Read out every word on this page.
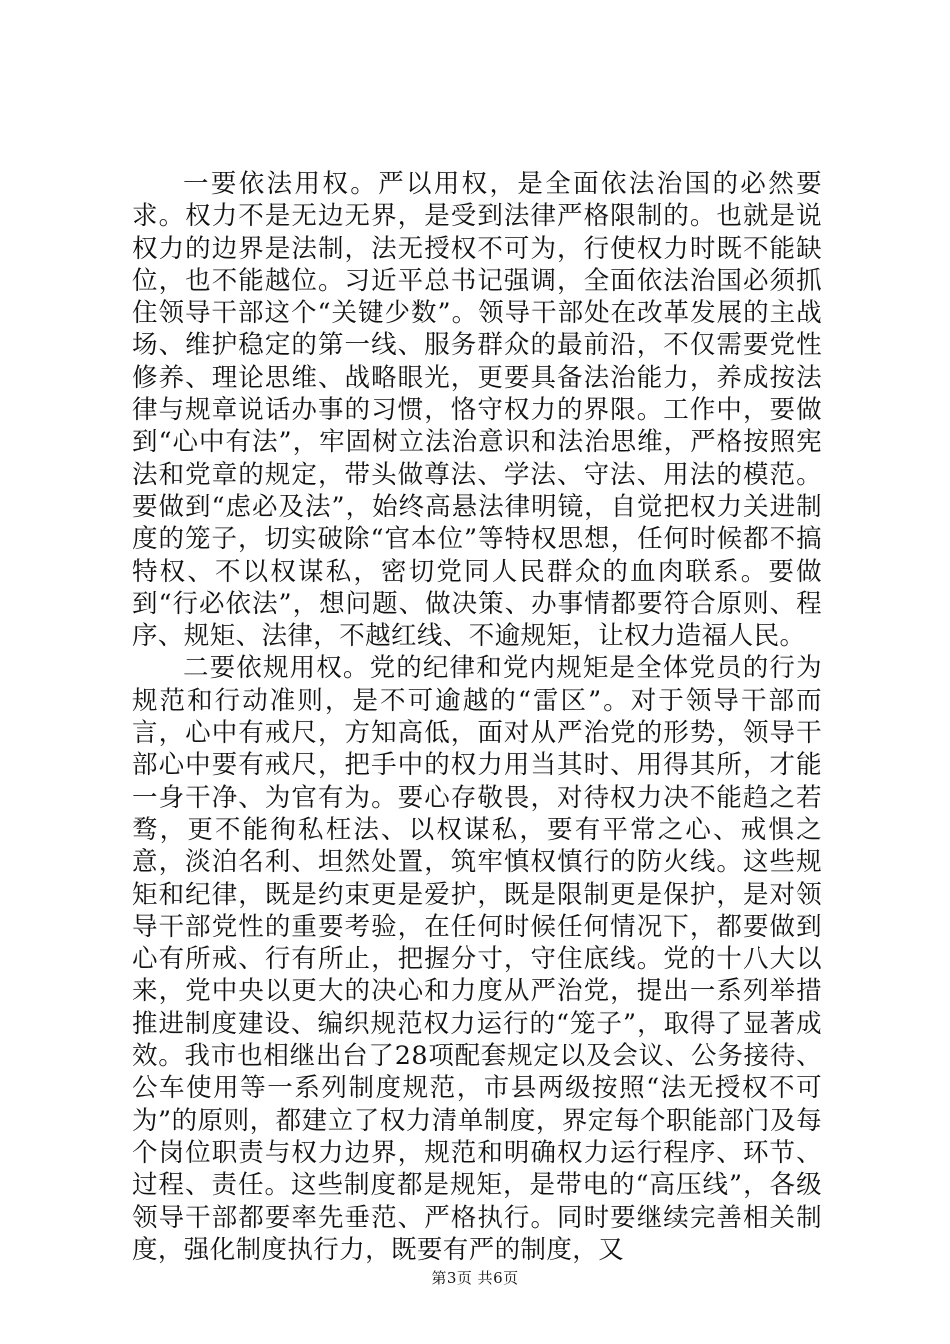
一要依法用权。严以用权，是全面依法治国的必然要求。权力不是无边无界，是受到法律严格限制的。也就是说权力的边界是法制，法无授权不可为，行使权力时既不能缺位，也不能越位。习近平总书记强调，全面依法治国必须抓住领导干部这个“关键少数”。领导干部处在改革发展的主战场、维护稳定的第一线、服务群众的最前沿，不仅需要党性修养、理论思维、战略眼光，更要具备法治能力，养成按法律与规章说话办事的习惯，恪守权力的界限。工作中，要做到“心中有法”，牢固树立法治意识和法治思维，严格按照宪法和党章的规定，带头做尊法、学法、守法、用法的模范。要做到“虑必及法”，始终高悬法律明镜，自觉把权力关进制度的笼子，切实破除“官本位”等特权思想，任何时候都不搞特权、不以权谋私，密切党同人民群众的血肉联系。要做到“行必依法”，想问题、做决策、办事情都要符合原则、程序、规矩、法律，不越红线、不逾规矩，让权力造福人民。

二要依规用权。党的纪律和党内规矩是全体党员的行为规范和行动准则，是不可逾越的“雷区”。对于领导干部而言，心中有戒尺，方知高低，面对从严治党的形势，领导干部心中要有戒尺，把手中的权力用当其时、用得其所，才能一身干净、为官有为。要心存敬畏，对待权力决不能趋之若骛，更不能徇私枉法、以权谋私，要有平常之心、戒惧之意，淡泊名利、坦然处置，筑牢慎权慎行的防火线。这些规矩和纪律，既是约束更是爱护，既是限制更是保护，是对领导干部党性的重要考验，在任何时候任何情况下，都要做到心有所戒、行有所止，把握分寸，守住底线。党的十八大以来，党中央以更大的决心和力度从严治党，提出一系列举措推进制度建设、编织规范权力运行的“笼子”，取得了显著成效。我市也相继出台了28项配套规定以及会议、公务接待、公车使用等一系列制度规范，市县两级按照“法无授权不可为”的原则，都建立了权力清单制度，界定每个职能部门及每个岗位职责与权力边界，规范和明确权力运行程序、环节、过程、责任。这些制度都是规矩，是带电的“高压线”，各级领导干部都要率先垂范、严格执行。同时要继续完善相关制度，强化制度执行力，既要有严的制度，又

第3页 共6页
